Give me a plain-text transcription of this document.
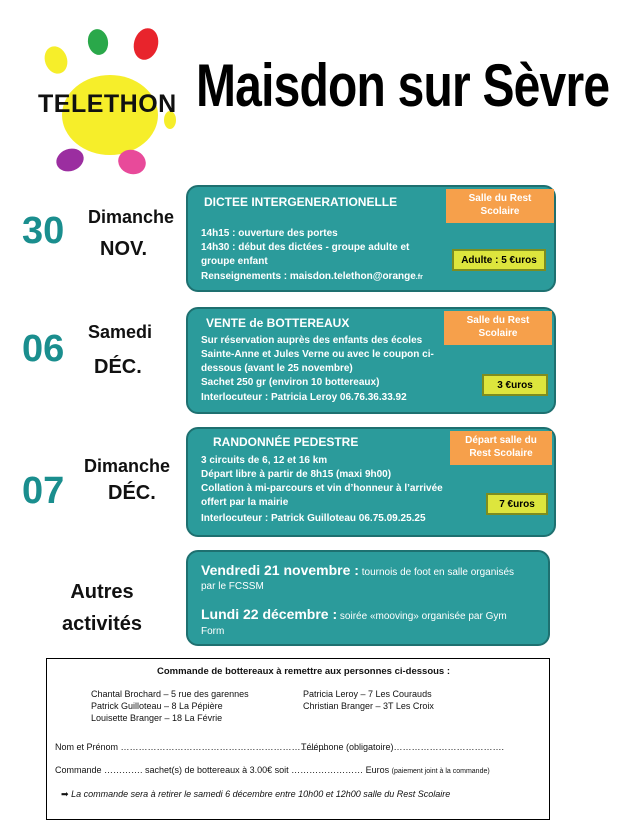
TELETHON Maisdon sur Sèvre
30 Dimanche
NOV.
DICTEE INTERGENERATIONELLE
14h15 : ouverture des portes
14h30 : début des dictées - groupe adulte et
groupe enfant
Renseignements : maisdon.telethon@orange.fr
Salle du Rest
Scolaire
Adulte : 5 €uros
06 Samedi
DÉC.
VENTE de BOTTEREAUX
Sur réservation auprès des enfants des écoles
Sainte-Anne et Jules Verne ou avec le coupon ci-
dessous (avant le 25 novembre)
Sachet 250 gr (environ 10 bottereaux)
Interlocuteur : Patricia Leroy 06.76.36.33.92
Salle du Rest
Scolaire
3 €uros
07
Dimanche
DÉC.
RANDONNÉE PEDESTRE
3 circuits de 6, 12 et 16 km
Départ libre à partir de 8h15 (maxi 9h00)
Collation à mi-parcours et vin d’honneur à l’arrivée
offert par la mairie
Interlocuteur : Patrick Guilloteau 06.75.09.25.25
Départ salle du
Rest Scolaire
7 €uros
Autres
activités
Vendredi 21 novembre : tournois de foot en salle organisés
par le FCSSM
Lundi 22 décembre : soirée «mooving» organisée par Gym
Form
Commande de bottereaux à remettre aux personnes ci-dessous :
Chantal Brochard – 5 rue des garennes
Patrick Guilloteau – 8 La Pépière
Louisette Branger – 18 La Févrie
Patricia Leroy – 7 Les Courauds
Christian Branger – 3T Les Croix
Nom et Prénom ……………………………………………………………
Téléphone (obligatoire)……………………………….
Commande …………. sachet(s) de bottereaux à 3.00€ soit …………………… Euros (paiement joint à la commande)
➡ La commande sera à retirer le samedi 6 décembre entre 10h00 et 12h00 salle du Rest Scolaire
